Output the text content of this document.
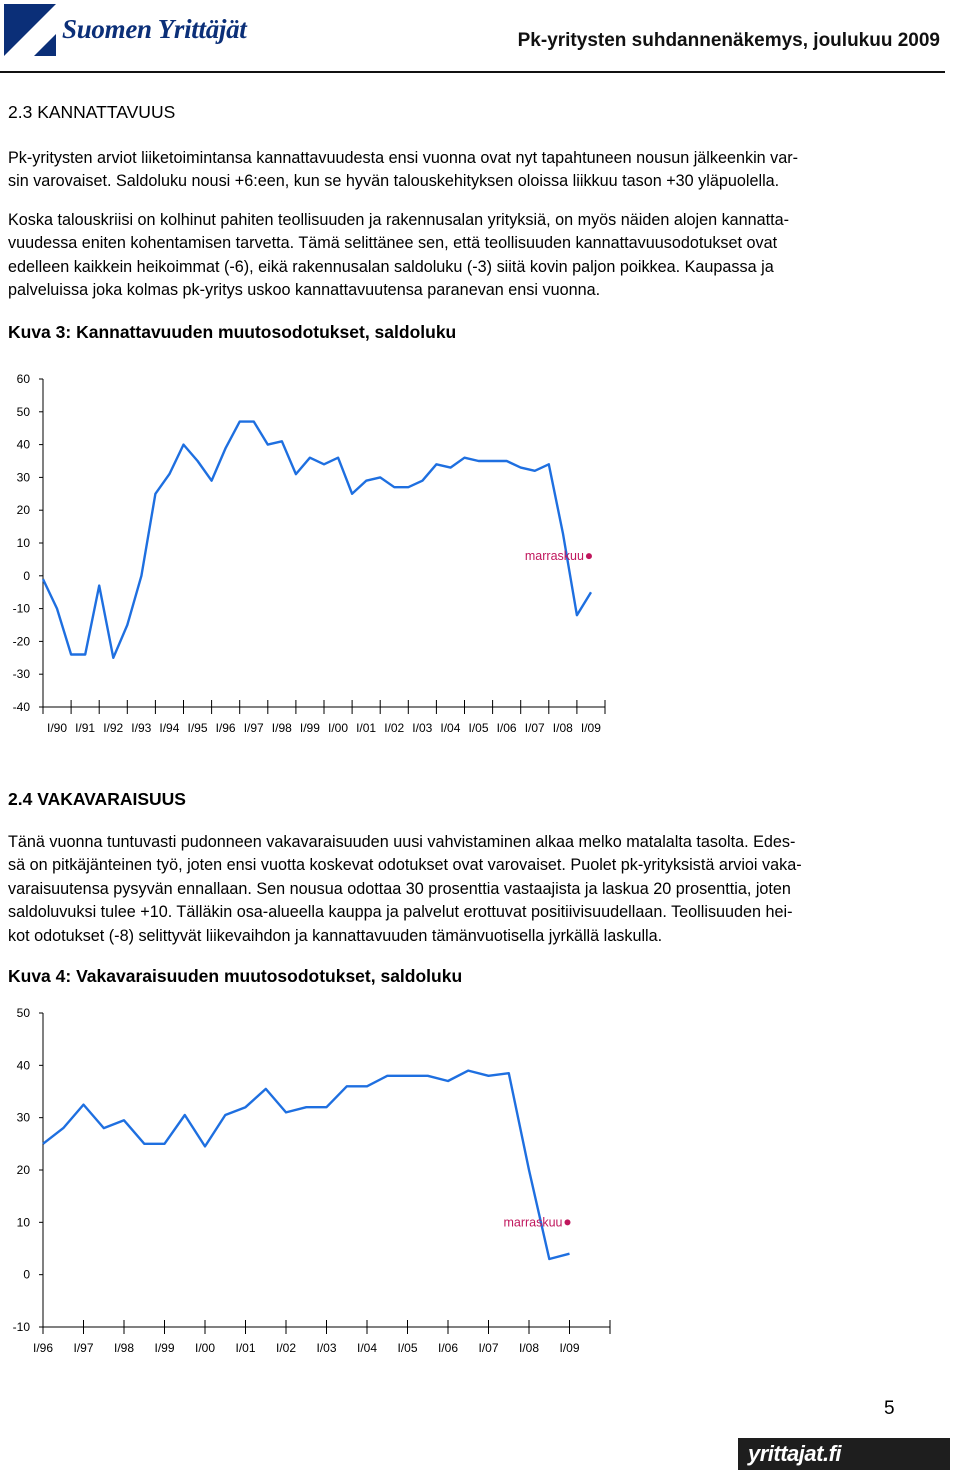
Suomen Yrittäjät	Pk-yritysten suhdannenäkemys, joulukuu 2009
2.3 KANNATTAVUUS
Pk-yritysten arviot liiketoimintansa kannattavuudesta ensi vuonna ovat nyt tapahtuneen nousun jälkeenkin var-
sin varovaiset. Saldoluku nousi +6:een, kun se hyvän talouskehityksen oloissa liikkuu tason +30 yläpuolella.
Koska talouskriisi on kolhinut pahiten teollisuuden ja rakennusalan yrityksiä, on myös näiden alojen kannatta-
vuudessa eniten kohentamisen tarvetta. Tämä selittänee sen, että teollisuuden kannattavuusodotukset ovat
edelleen kaikkein heikoimmat (-6), eikä rakennusalan saldoluku (-3) siitä kovin paljon poikkea. Kaupassa ja
palveluissa joka kolmas pk-yritys uskoo kannattavuutensa paranevan ensi vuonna.
Kuva 3: Kannattavuuden muutosodotukset, saldoluku
60
50
40
30
20
10
0
-10
-20
-30
-40
I/90 I/91 I/92 I/93 I/94 I/95 I/96 I/97 I/98 I/99 I/00 I/01 I/02 I/03 I/04 I/05 I/06 I/07 I/08 I/09
marraskuu
2.4 VAKAVARAISUUS
Tänä vuonna tuntuvasti pudonneen vakavaraisuuden uusi vahvistaminen alkaa melko matalalta tasolta. Edes-
sä on pitkäjänteinen työ, joten ensi vuotta koskevat odotukset ovat varovaiset. Puolet pk-yrityksistä arvioi vaka-
varaisuutensa pysyvän ennallaan. Sen nousua odottaa 30 prosenttia vastaajista ja laskua 20 prosenttia, joten
saldoluvuksi tulee +10. Tälläkin osa-alueella kauppa ja palvelut erottuvat positiivisuudellaan. Teollisuuden hei-
kot odotukset (-8) selittyvät liikevaihdon ja kannattavuuden tämänvuotisella jyrkällä laskulla.
Kuva 4: Vakavaraisuuden muutosodotukset, saldoluku
50
40
30
20
10
0
-10
I/96 I/97 I/98 I/99 I/00 I/01 I/02 I/03 I/04 I/05 I/06 I/07 I/08 I/09
marraskuu
5
yrittajat.fi
